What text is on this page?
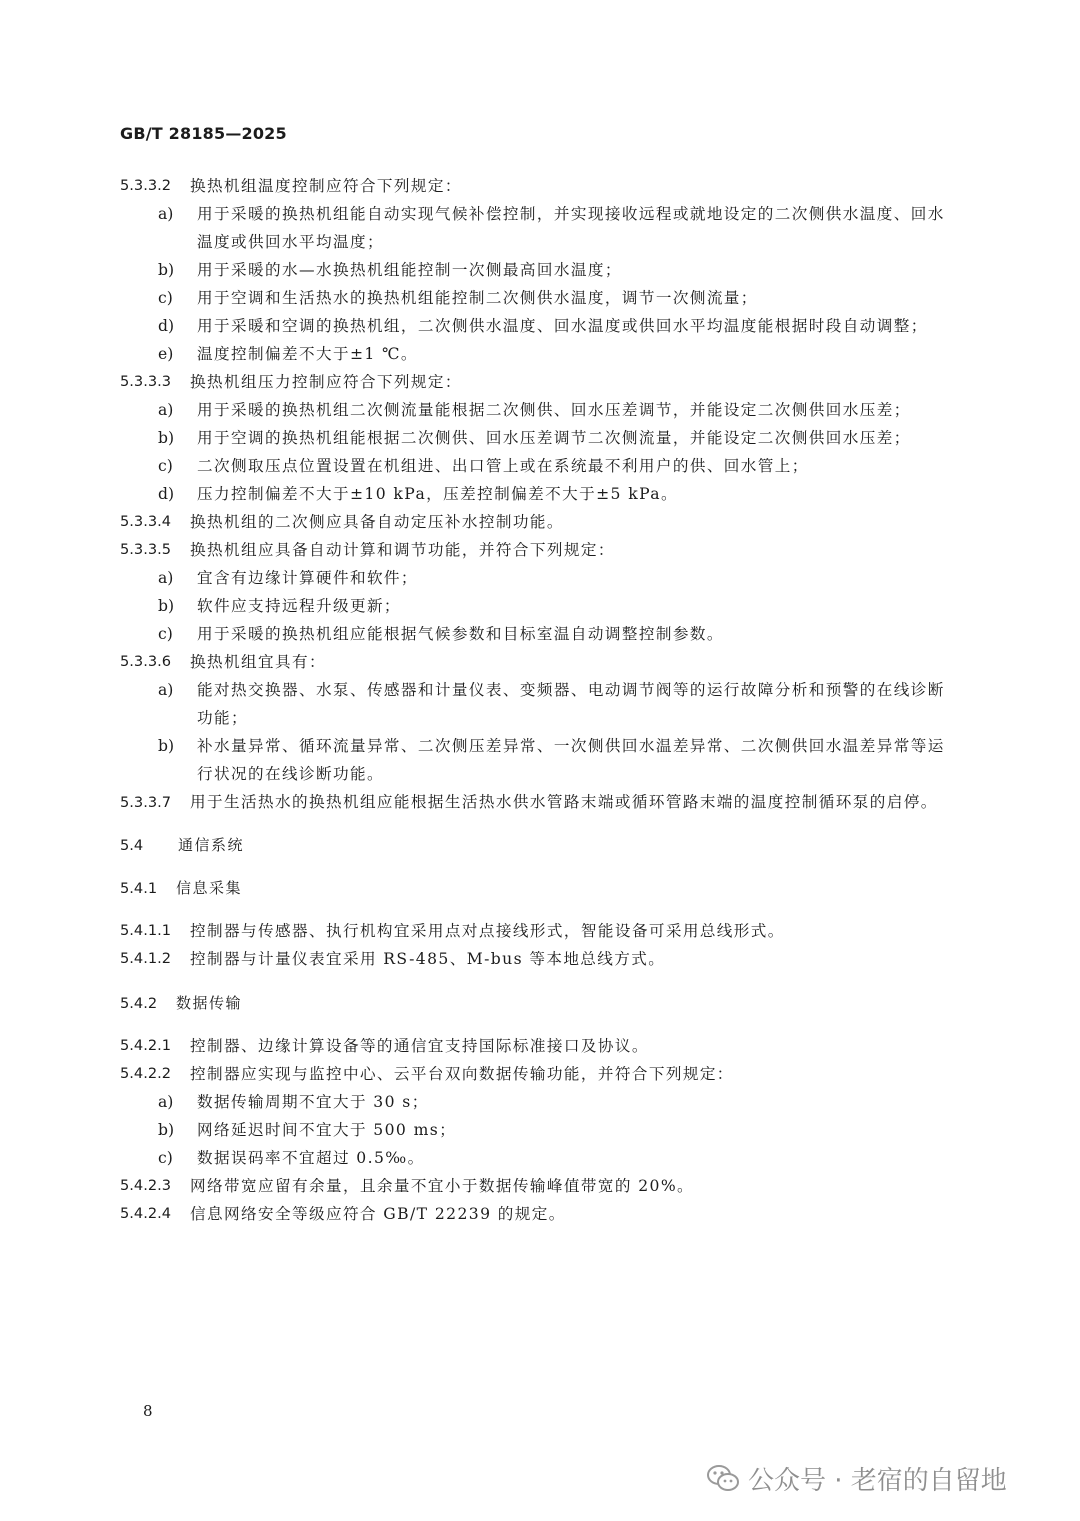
GB/T 28185—2025
5.3.3.2 换热机组温度控制应符合下列规定：
a) 用于采暖的换热机组能自动实现气候补偿控制，并实现接收远程或就地设定的二次侧供水温度、回水温度或供回水平均温度；
b) 用于采暖的水—水换热机组能控制一次侧最高回水温度；
c) 用于空调和生活热水的换热机组能控制二次侧供水温度，调节一次侧流量；
d) 用于采暖和空调的换热机组，二次侧供水温度、回水温度或供回水平均温度能根据时段自动调整；
e) 温度控制偏差不大于±1 ℃。
5.3.3.3 换热机组压力控制应符合下列规定：
a) 用于采暖的换热机组二次侧流量能根据二次侧供、回水压差调节，并能设定二次侧供回水压差；
b) 用于空调的换热机组能根据二次侧供、回水压差调节二次侧流量，并能设定二次侧供回水压差；
c) 二次侧取压点位置设置在机组进、出口管上或在系统最不利用户的供、回水管上；
d) 压力控制偏差不大于±10 kPa，压差控制偏差不大于±5 kPa。
5.3.3.4 换热机组的二次侧应具备自动定压补水控制功能。
5.3.3.5 换热机组应具备自动计算和调节功能，并符合下列规定：
a) 宜含有边缘计算硬件和软件；
b) 软件应支持远程升级更新；
c) 用于采暖的换热机组应能根据气候参数和目标室温自动调整控制参数。
5.3.3.6 换热机组宜具有：
a) 能对热交换器、水泵、传感器和计量仪表、变频器、电动调节阀等的运行故障分析和预警的在线诊断功能；
b) 补水量异常、循环流量异常、二次侧压差异常、一次侧供回水温差异常、二次侧供回水温差异常等运行状况的在线诊断功能。
5.3.3.7 用于生活热水的换热机组应能根据生活热水供水管路末端或循环管路末端的温度控制循环泵的启停。
5.4 通信系统
5.4.1 信息采集
5.4.1.1 控制器与传感器、执行机构宜采用点对点接线形式，智能设备可采用总线形式。
5.4.1.2 控制器与计量仪表宜采用 RS-485、M-bus 等本地总线方式。
5.4.2 数据传输
5.4.2.1 控制器、边缘计算设备等的通信宜支持国际标准接口及协议。
5.4.2.2 控制器应实现与监控中心、云平台双向数据传输功能，并符合下列规定：
a) 数据传输周期不宜大于 30 s；
b) 网络延迟时间不宜大于 500 ms；
c) 数据误码率不宜超过 0.5‰。
5.4.2.3 网络带宽应留有余量，且余量不宜小于数据传输峰值带宽的 20%。
5.4.2.4 信息网络安全等级应符合 GB/T 22239 的规定。
8
公众号 · 老宿的自留地
